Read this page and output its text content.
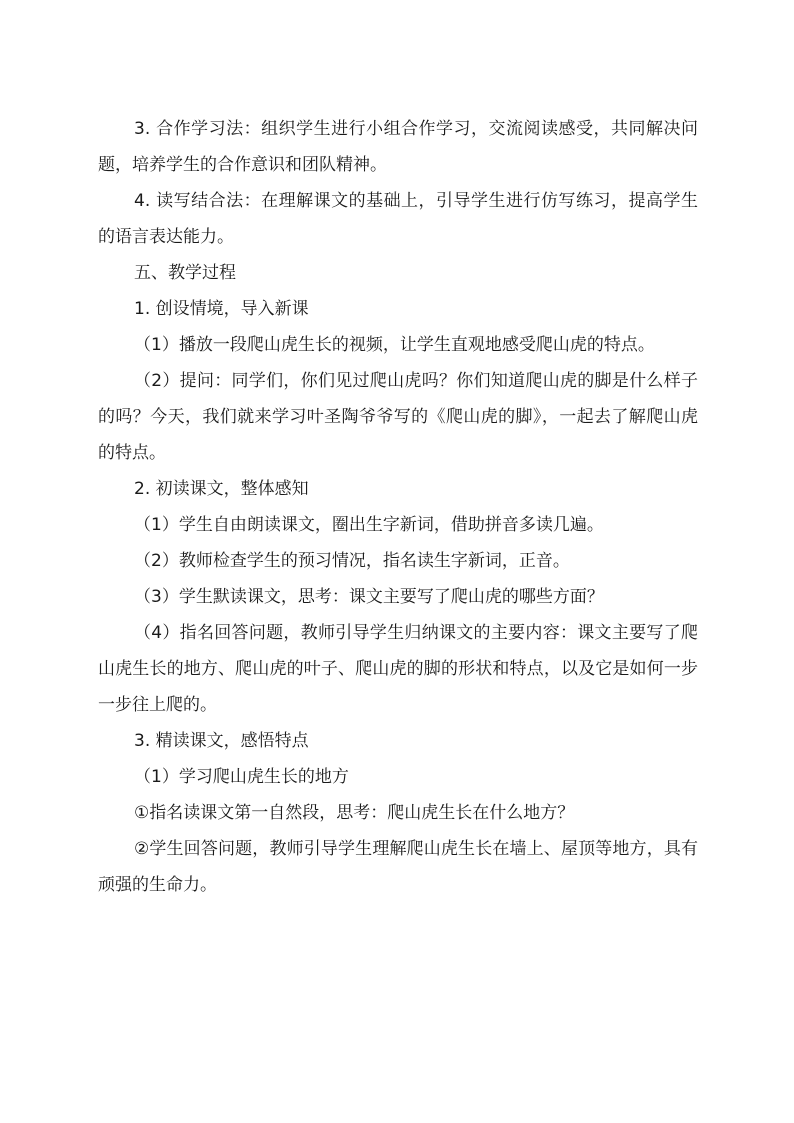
3. 合作学习法：组织学生进行小组合作学习，交流阅读感受，共同解决问题，培养学生的合作意识和团队精神。

4. 读写结合法：在理解课文的基础上，引导学生进行仿写练习，提高学生的语言表达能力。

五、教学过程

1. 创设情境，导入新课

（1）播放一段爬山虎生长的视频，让学生直观地感受爬山虎的特点。

（2）提问：同学们，你们见过爬山虎吗？你们知道爬山虎的脚是什么样子的吗？今天，我们就来学习叶圣陶爷爷写的《爬山虎的脚》，一起去了解爬山虎的特点。

2. 初读课文，整体感知

（1）学生自由朗读课文，圈出生字新词，借助拼音多读几遍。

（2）教师检查学生的预习情况，指名读生字新词，正音。

（3）学生默读课文，思考：课文主要写了爬山虎的哪些方面？

（4）指名回答问题，教师引导学生归纳课文的主要内容：课文主要写了爬山虎生长的地方、爬山虎的叶子、爬山虎的脚的形状和特点，以及它是如何一步一步往上爬的。

3. 精读课文，感悟特点

（1）学习爬山虎生长的地方

①指名读课文第一自然段，思考：爬山虎生长在什么地方？

②学生回答问题，教师引导学生理解爬山虎生长在墙上、屋顶等地方，具有顽强的生命力。
